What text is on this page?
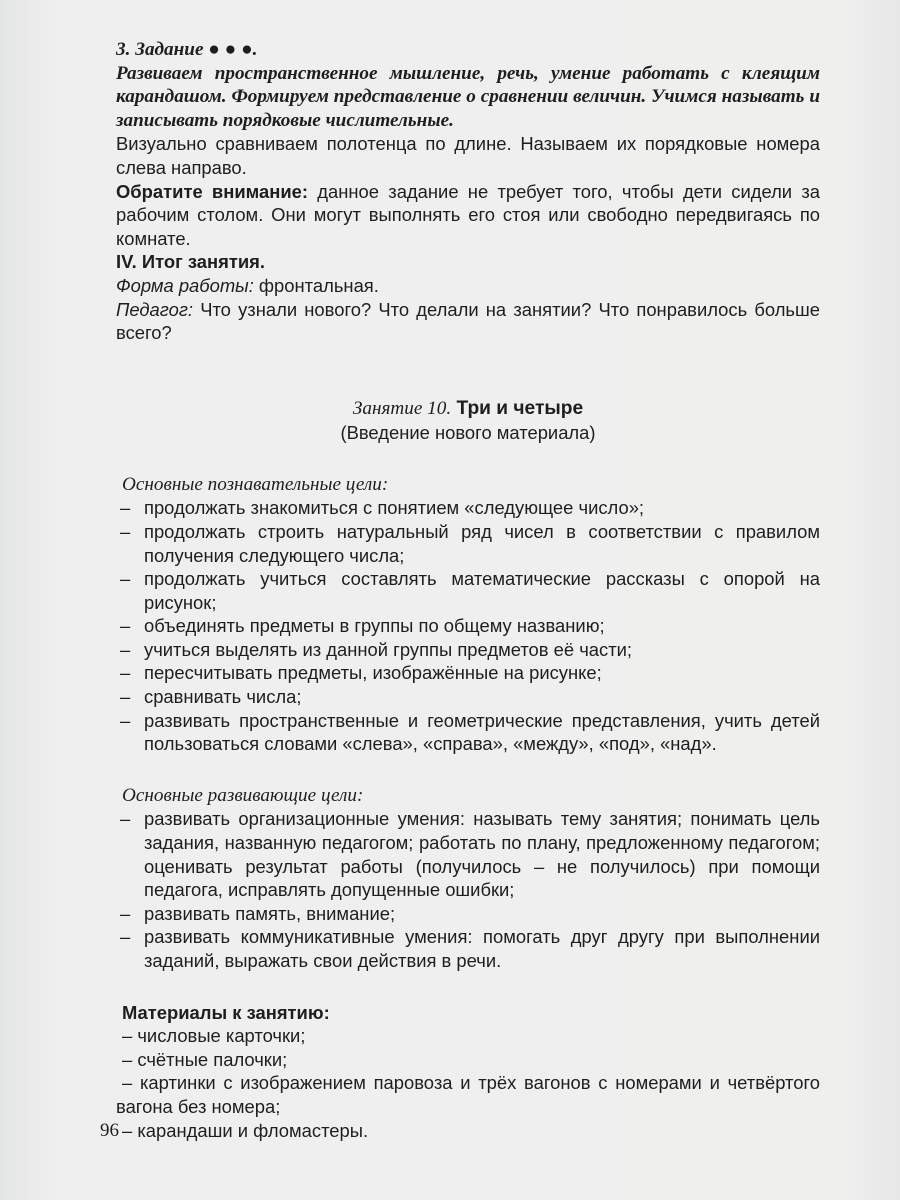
3. Задание ● ● ●.

Развиваем пространственное мышление, речь, умение работать с клеящим карандашом. Формируем представление о сравнении величин. Учимся называть и записывать порядковые числительные.

Визуально сравниваем полотенца по длине. Называем их порядковые номера слева направо.

Обратите внимание: данное задание не требует того, чтобы дети сидели за рабочим столом. Они могут выполнять его стоя или свободно передвигаясь по комнате.

IV. Итог занятия.

Форма работы: фронтальная.

Педагог: Что узнали нового? Что делали на занятии? Что понравилось больше всего?

Занятие 10. Три и четыре
(Введение нового материала)
Основные познавательные цели:
– продолжать знакомиться с понятием «следующее число»;
– продолжать строить натуральный ряд чисел в соответствии с правилом получения следующего числа;
– продолжать учиться составлять математические рассказы с опорой на рисунок;
– объединять предметы в группы по общему названию;
– учиться выделять из данной группы предметов её части;
– пересчитывать предметы, изображённые на рисунке;
– сравнивать числа;
– развивать пространственные и геометрические представления, учить детей пользоваться словами «слева», «справа», «между», «под», «над».
Основные развивающие цели:
– развивать организационные умения: называть тему занятия; понимать цель задания, названную педагогом; работать по плану, предложенному педагогом; оценивать результат работы (получилось – не получилось) при помощи педагога, исправлять допущенные ошибки;
– развивать память, внимание;
– развивать коммуникативные умения: помогать друг другу при выполнении заданий, выражать свои действия в речи.
Материалы к занятию:
– числовые карточки;
– счётные палочки;
– картинки с изображением паровоза и трёх вагонов с номерами и четвёртого вагона без номера;
– карандаши и фломастеры.
96
